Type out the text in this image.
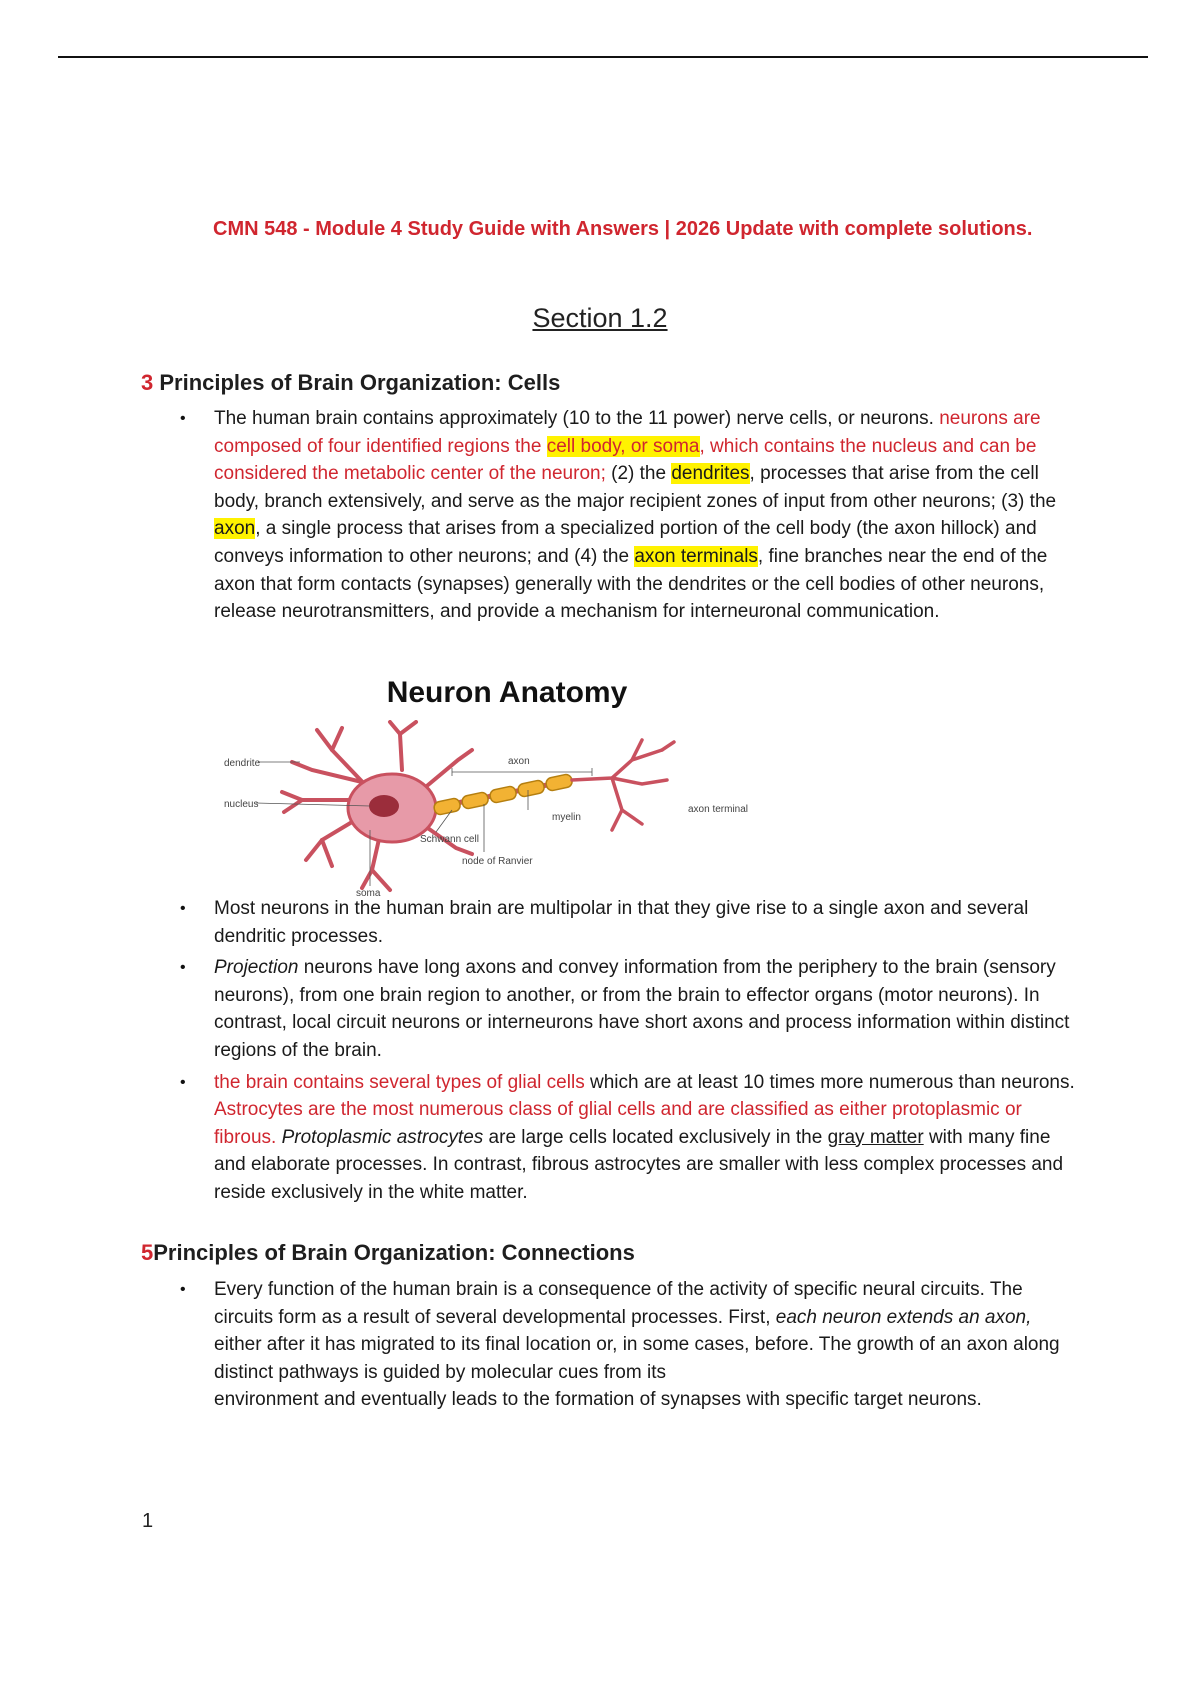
CMN 548 - Module 4 Study Guide with Answers | 2026 Update with complete solutions.
Section 1.2
3 Principles of Brain Organization: Cells

• The human brain contains approximately (10 to the 11 power) nerve cells, or neurons. neurons are composed of four identified regions the cell body, or soma, which contains the nucleus and can be considered the metabolic center of the neuron; (2) the dendrites, processes that arise from the cell body, branch extensively, and serve as the major recipient zones of input from other neurons; (3) the axon, a single process that arises from a specialized portion of the cell body (the axon hillock) and conveys information to other neurons; and (4) the axon terminals, fine branches near the end of the axon that form contacts (synapses) generally with the dendrites or the cell bodies of other neurons, release neurotransmitters, and provide a mechanism for interneuronal communication.

Neuron Anatomy
dendrite
nucleus
axon
myelin
axon terminal
Schwann cell
node of Ranvier
soma

• Most neurons in the human brain are multipolar in that they give rise to a single axon and several dendritic processes.

• Projection neurons have long axons and convey information from the periphery to the brain (sensory neurons), from one brain region to another, or from the brain to effector organs (motor neurons). In contrast, local circuit neurons or interneurons have short axons and process information within distinct regions of the brain.

• the brain contains several types of glial cells which are at least 10 times more numerous than neurons. Astrocytes are the most numerous class of glial cells and are classified as either protoplasmic or fibrous. Protoplasmic astrocytes are large cells located exclusively in the gray matter with many fine and elaborate processes. In contrast, fibrous astrocytes are smaller with less complex processes and reside exclusively in the white matter.

5Principles of Brain Organization: Connections

• Every function of the human brain is a consequence of the activity of specific neural circuits. The circuits form as a result of several developmental processes. First, each neuron extends an axon, either after it has migrated to its final location or, in some cases, before. The growth of an axon along distinct pathways is guided by molecular cues from its
environment and eventually leads to the formation of synapses with specific target neurons.

1
